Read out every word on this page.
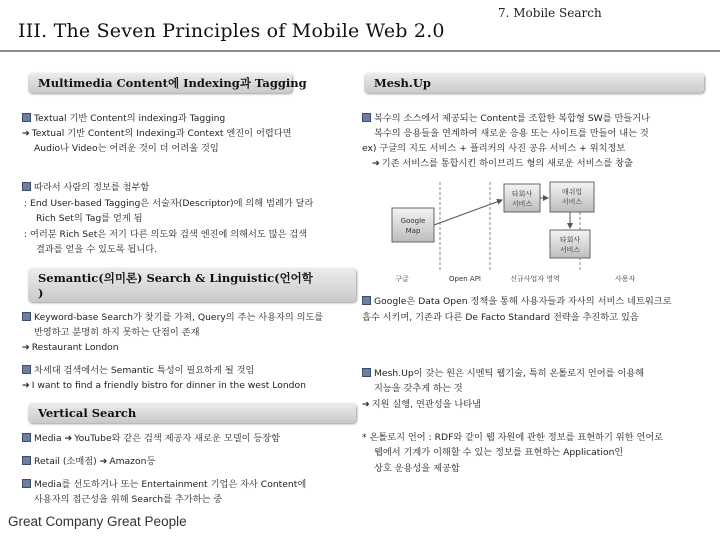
III. The Seven Principles of Mobile Web 2.0
7. Mobile Search
Multimedia Content에 Indexing과 Tagging
Textual 기반 Content의 indexing과 Tagging
➔ Textual 기반 Content의 Indexing과 Context 엔진이 어렵다면
Audio나 Video는 어려운 것이 더 어려울 것임
따라서 사람의 정보를 첨부함
: End User-based Tagging은 서술자(Descriptor)에 의해 범례가 달라
Rich Set의 Tag를 얻게 됨
: 여러분 Rich Set은 저기 다른 의도와 검색 엔진에 의해서도 많은 검색
결과를 얻을 수 있도록 됩니다.
Semantic(의미론) Search & Linguistic(언어학
)
Keyword-base Search가 찾기를 가져, Query의 주는 사용자의 의도를
반영하고 분명히 하지 못하는 단점이 존재
➔ Restaurant London
차세대 검색에서는 Semantic 특성이 필요하게 될 것임
➔ I want to find a friendly bistro for dinner in the west London
Vertical Search
Media ➔ YouTube와 같은 검색 제공자 새로운 모델이 등장함
Retail (소매점) ➔ Amazon등
Media를 선도하거나 또는 Entertainment 기업은 자사 Content에
사용자의 접근성을 위해 Search를 추가하는 중
Mesh.Up
복수의 소스에서 제공되는 Content를 조합한 복합형 SW를 만들거나
복수의 응용들을 연계하여 새로운 응용 또는 사이트를 만들어 내는 것
ex) 구글의 지도 서비스 + 플리커의 사진 공유 서비스 + 위치정보
➔ 기존 서비스를 통합시킨 하이브리드 형의 새로운 서비스를 창출
Google
Map
타회사
서비스
매쉬업
서비스
타회사
서비스
구글	Open API	신규사업자 영역	사용자
Google은 Data Open 정책을 통해 사용자들과 자사의 서비스 네트워크로
흡수 시키며, 기존과 다른 De Facto Standard 전략을 추진하고 있음
Mesh.Up이 갖는 원은 시멘틱 웹기술, 특히 온톨로지 언어를 이용해
지능을 갖추게 하는 것
➔ 지원 실행, 연관성을 나타냄
* 온톨로지 언어 : RDF와 같이 웹 자원에 관한 정보를 표현하기 위한 언어로
웹에서 기계가 이해할 수 있는 정보를 표현하는 Application인
상호 운용성을 제공함
Great Company Great People
